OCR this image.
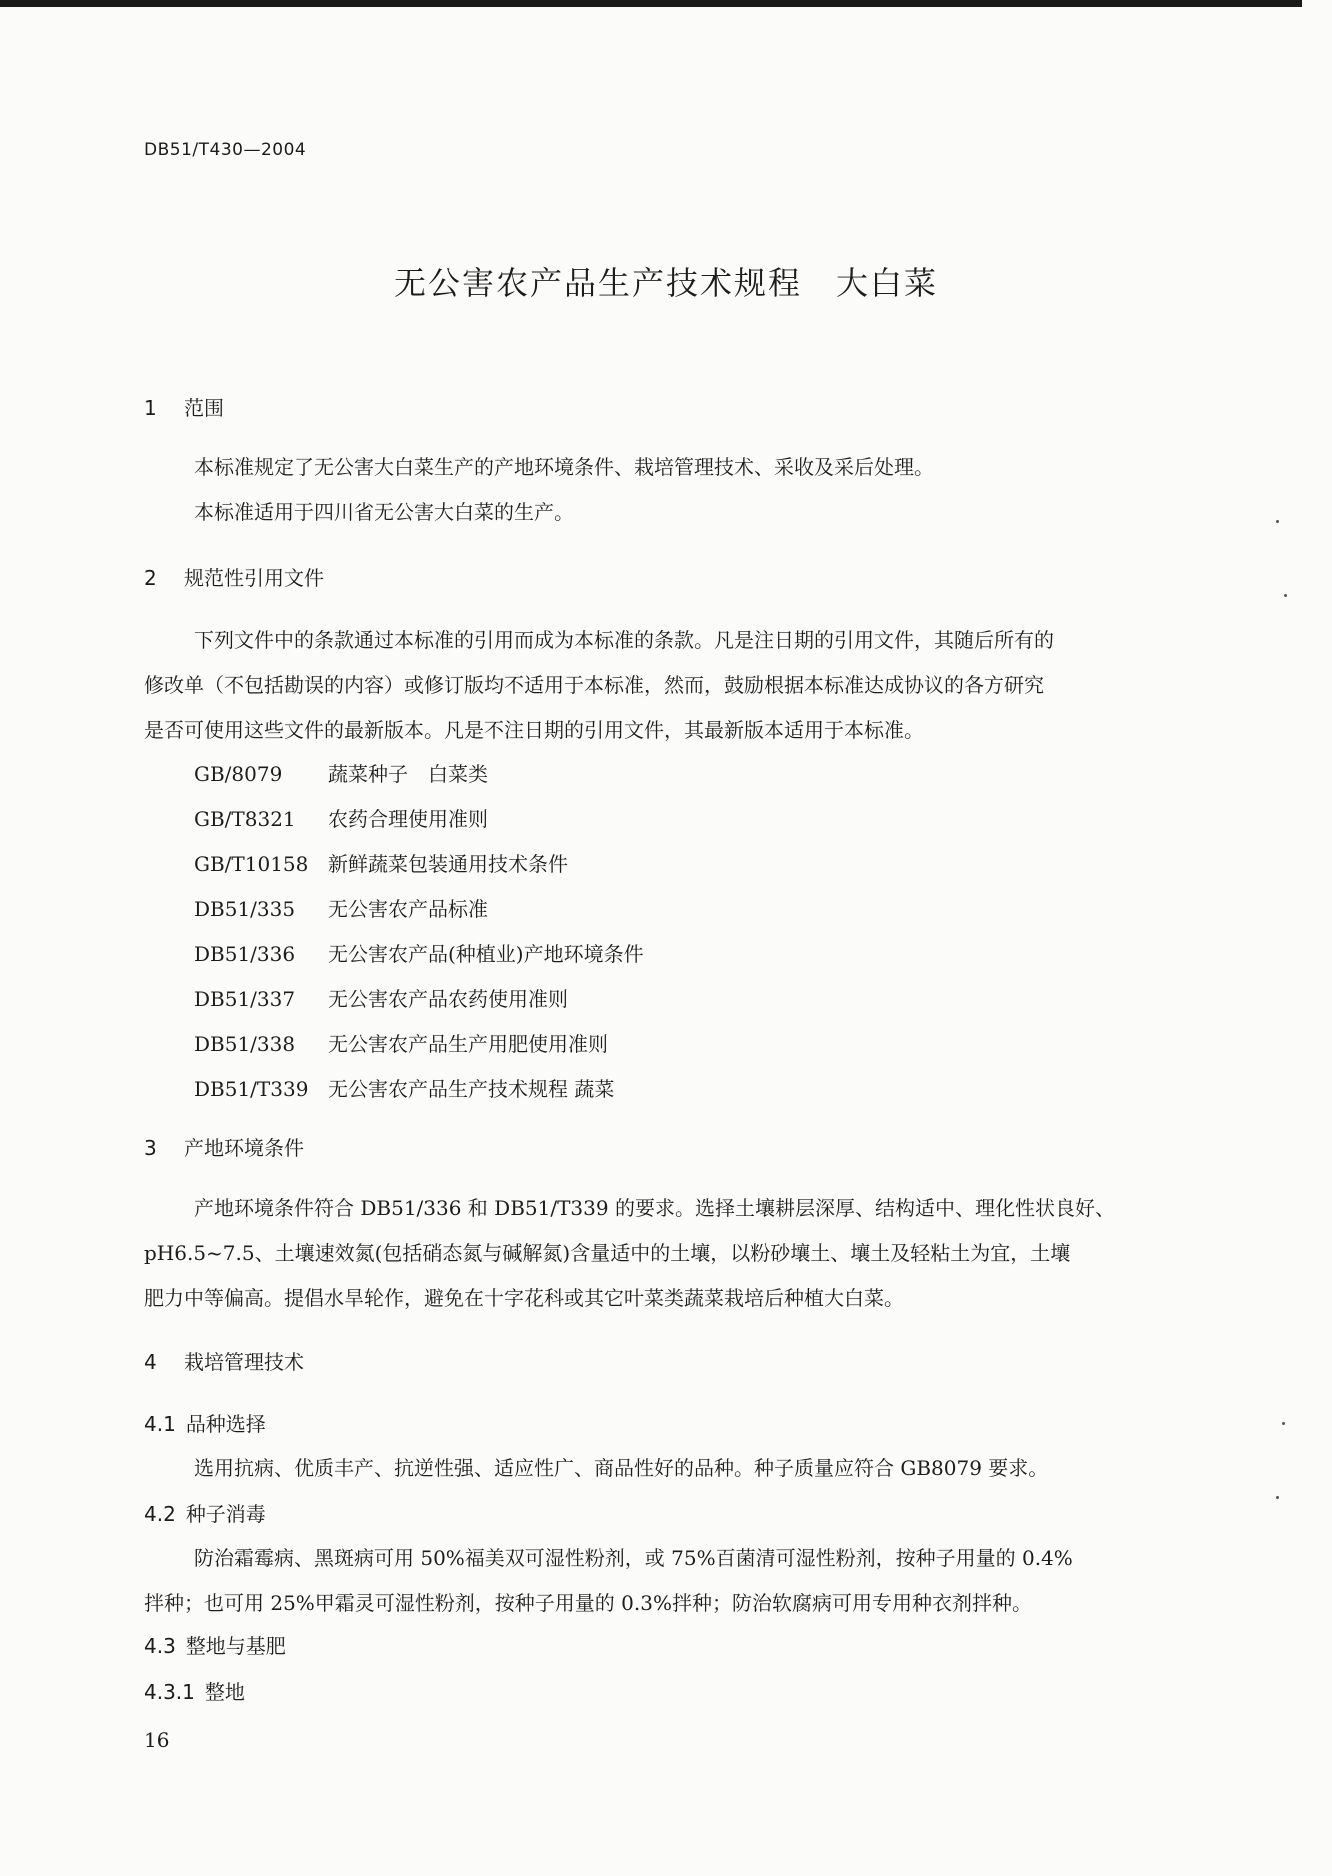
DB51/T430—2004
无公害农产品生产技术规程　大白菜
1 范围
本标准规定了无公害大白菜生产的产地环境条件、栽培管理技术、采收及采后处理。
本标准适用于四川省无公害大白菜的生产。
2 规范性引用文件
下列文件中的条款通过本标准的引用而成为本标准的条款。凡是注日期的引用文件，其随后所有的
修改单（不包括勘误的内容）或修订版均不适用于本标准，然而，鼓励根据本标准达成协议的各方研究
是否可使用这些文件的最新版本。凡是不注日期的引用文件，其最新版本适用于本标准。
GB/8079 蔬菜种子　白菜类
GB/T8321 农药合理使用准则
GB/T10158 新鲜蔬菜包装通用技术条件
DB51/335 无公害农产品标准
DB51/336 无公害农产品(种植业)产地环境条件
DB51/337 无公害农产品农药使用准则
DB51/338 无公害农产品生产用肥使用准则
DB51/T339 无公害农产品生产技术规程 蔬菜
3 产地环境条件
产地环境条件符合 DB51/336 和 DB51/T339 的要求。选择土壤耕层深厚、结构适中、理化性状良好、
pH6.5~7.5、土壤速效氮(包括硝态氮与碱解氮)含量适中的土壤，以粉砂壤土、壤土及轻粘土为宜，土壤
肥力中等偏高。提倡水旱轮作，避免在十字花科或其它叶菜类蔬菜栽培后种植大白菜。
4 栽培管理技术
4.1 品种选择
选用抗病、优质丰产、抗逆性强、适应性广、商品性好的品种。种子质量应符合 GB8079 要求。
4.2 种子消毒
防治霜霉病、黑斑病可用 50%福美双可湿性粉剂，或 75%百菌清可湿性粉剂，按种子用量的 0.4%
拌种；也可用 25%甲霜灵可湿性粉剂，按种子用量的 0.3%拌种；防治软腐病可用专用种衣剂拌种。
4.3 整地与基肥
4.3.1 整地
16
